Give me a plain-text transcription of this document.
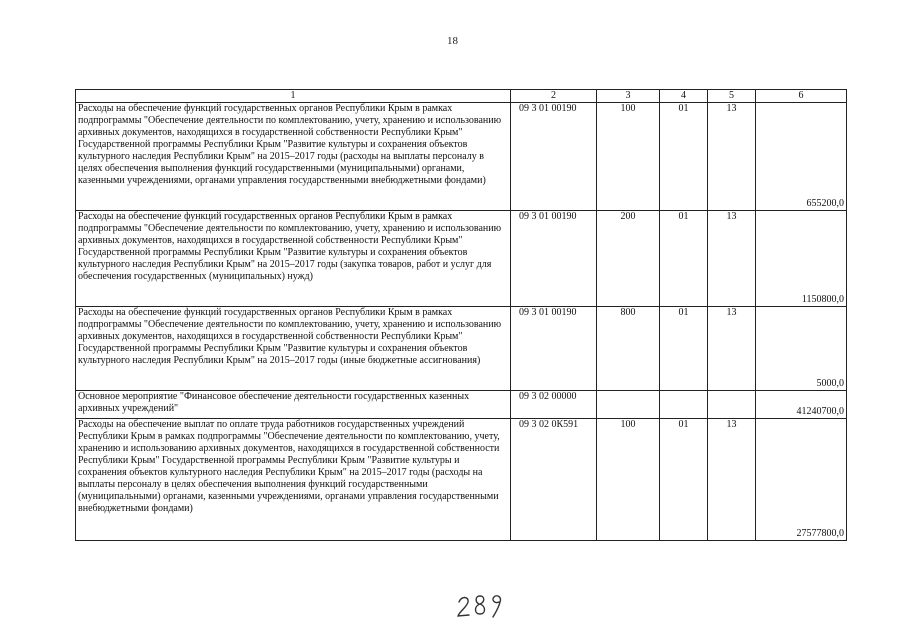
18
1	2	3	4	5	6
Расходы на обеспечение функций государственных органов Республики Крым в рамках подпрограммы "Обеспечение деятельности по комплектованию, учету, хранению и использованию архивных документов, находящихся в государственной собственности Республики Крым" Государственной программы Республики Крым "Развитие культуры и сохранения объектов культурного наследия Республики Крым" на 2015–2017 годы (расходы на выплаты персоналу в целях обеспечения выполнения функций государственными (муниципальными) органами, казенными учреждениями, органами управления государственными внебюджетными фондами)	09 3 01 00190	100	01	13	655200,0
Расходы на обеспечение функций государственных органов Республики Крым в рамках подпрограммы "Обеспечение деятельности по комплектованию, учету, хранению и использованию архивных документов, находящихся в государственной собственности Республики Крым" Государственной программы Республики Крым "Развитие культуры и сохранения объектов культурного наследия Республики Крым" на 2015–2017 годы (закупка товаров, работ и услуг для обеспечения государственных (муниципальных) нужд)	09 3 01 00190	200	01	13	1150800,0
Расходы на обеспечение функций государственных органов Республики Крым в рамках подпрограммы "Обеспечение деятельности по комплектованию, учету, хранению и использованию архивных документов, находящихся в государственной собственности Республики Крым" Государственной программы Республики Крым "Развитие культуры и сохранения объектов культурного наследия Республики Крым" на 2015–2017 годы (иные бюджетные ассигнования)	09 3 01 00190	800	01	13	5000,0
Основное мероприятие "Финансовое обеспечение деятельности государственных казенных архивных учреждений"	09 3 02 00000				41240700,0
Расходы на обеспечение выплат по оплате труда работников государственных учреждений Республики Крым в рамках подпрограммы "Обеспечение деятельности по комплектованию, учету, хранению и использованию архивных документов, находящихся в государственной собственности Республики Крым" Государственной программы Республики Крым "Развитие культуры и сохранения объектов культурного наследия Республики Крым" на 2015–2017 годы (расходы на выплаты персоналу в целях обеспечения выполнения функций государственными (муниципальными) органами, казенными учреждениями, органами управления государственными внебюджетными фондами)	09 3 02 0К591	100	01	13	27577800,0
